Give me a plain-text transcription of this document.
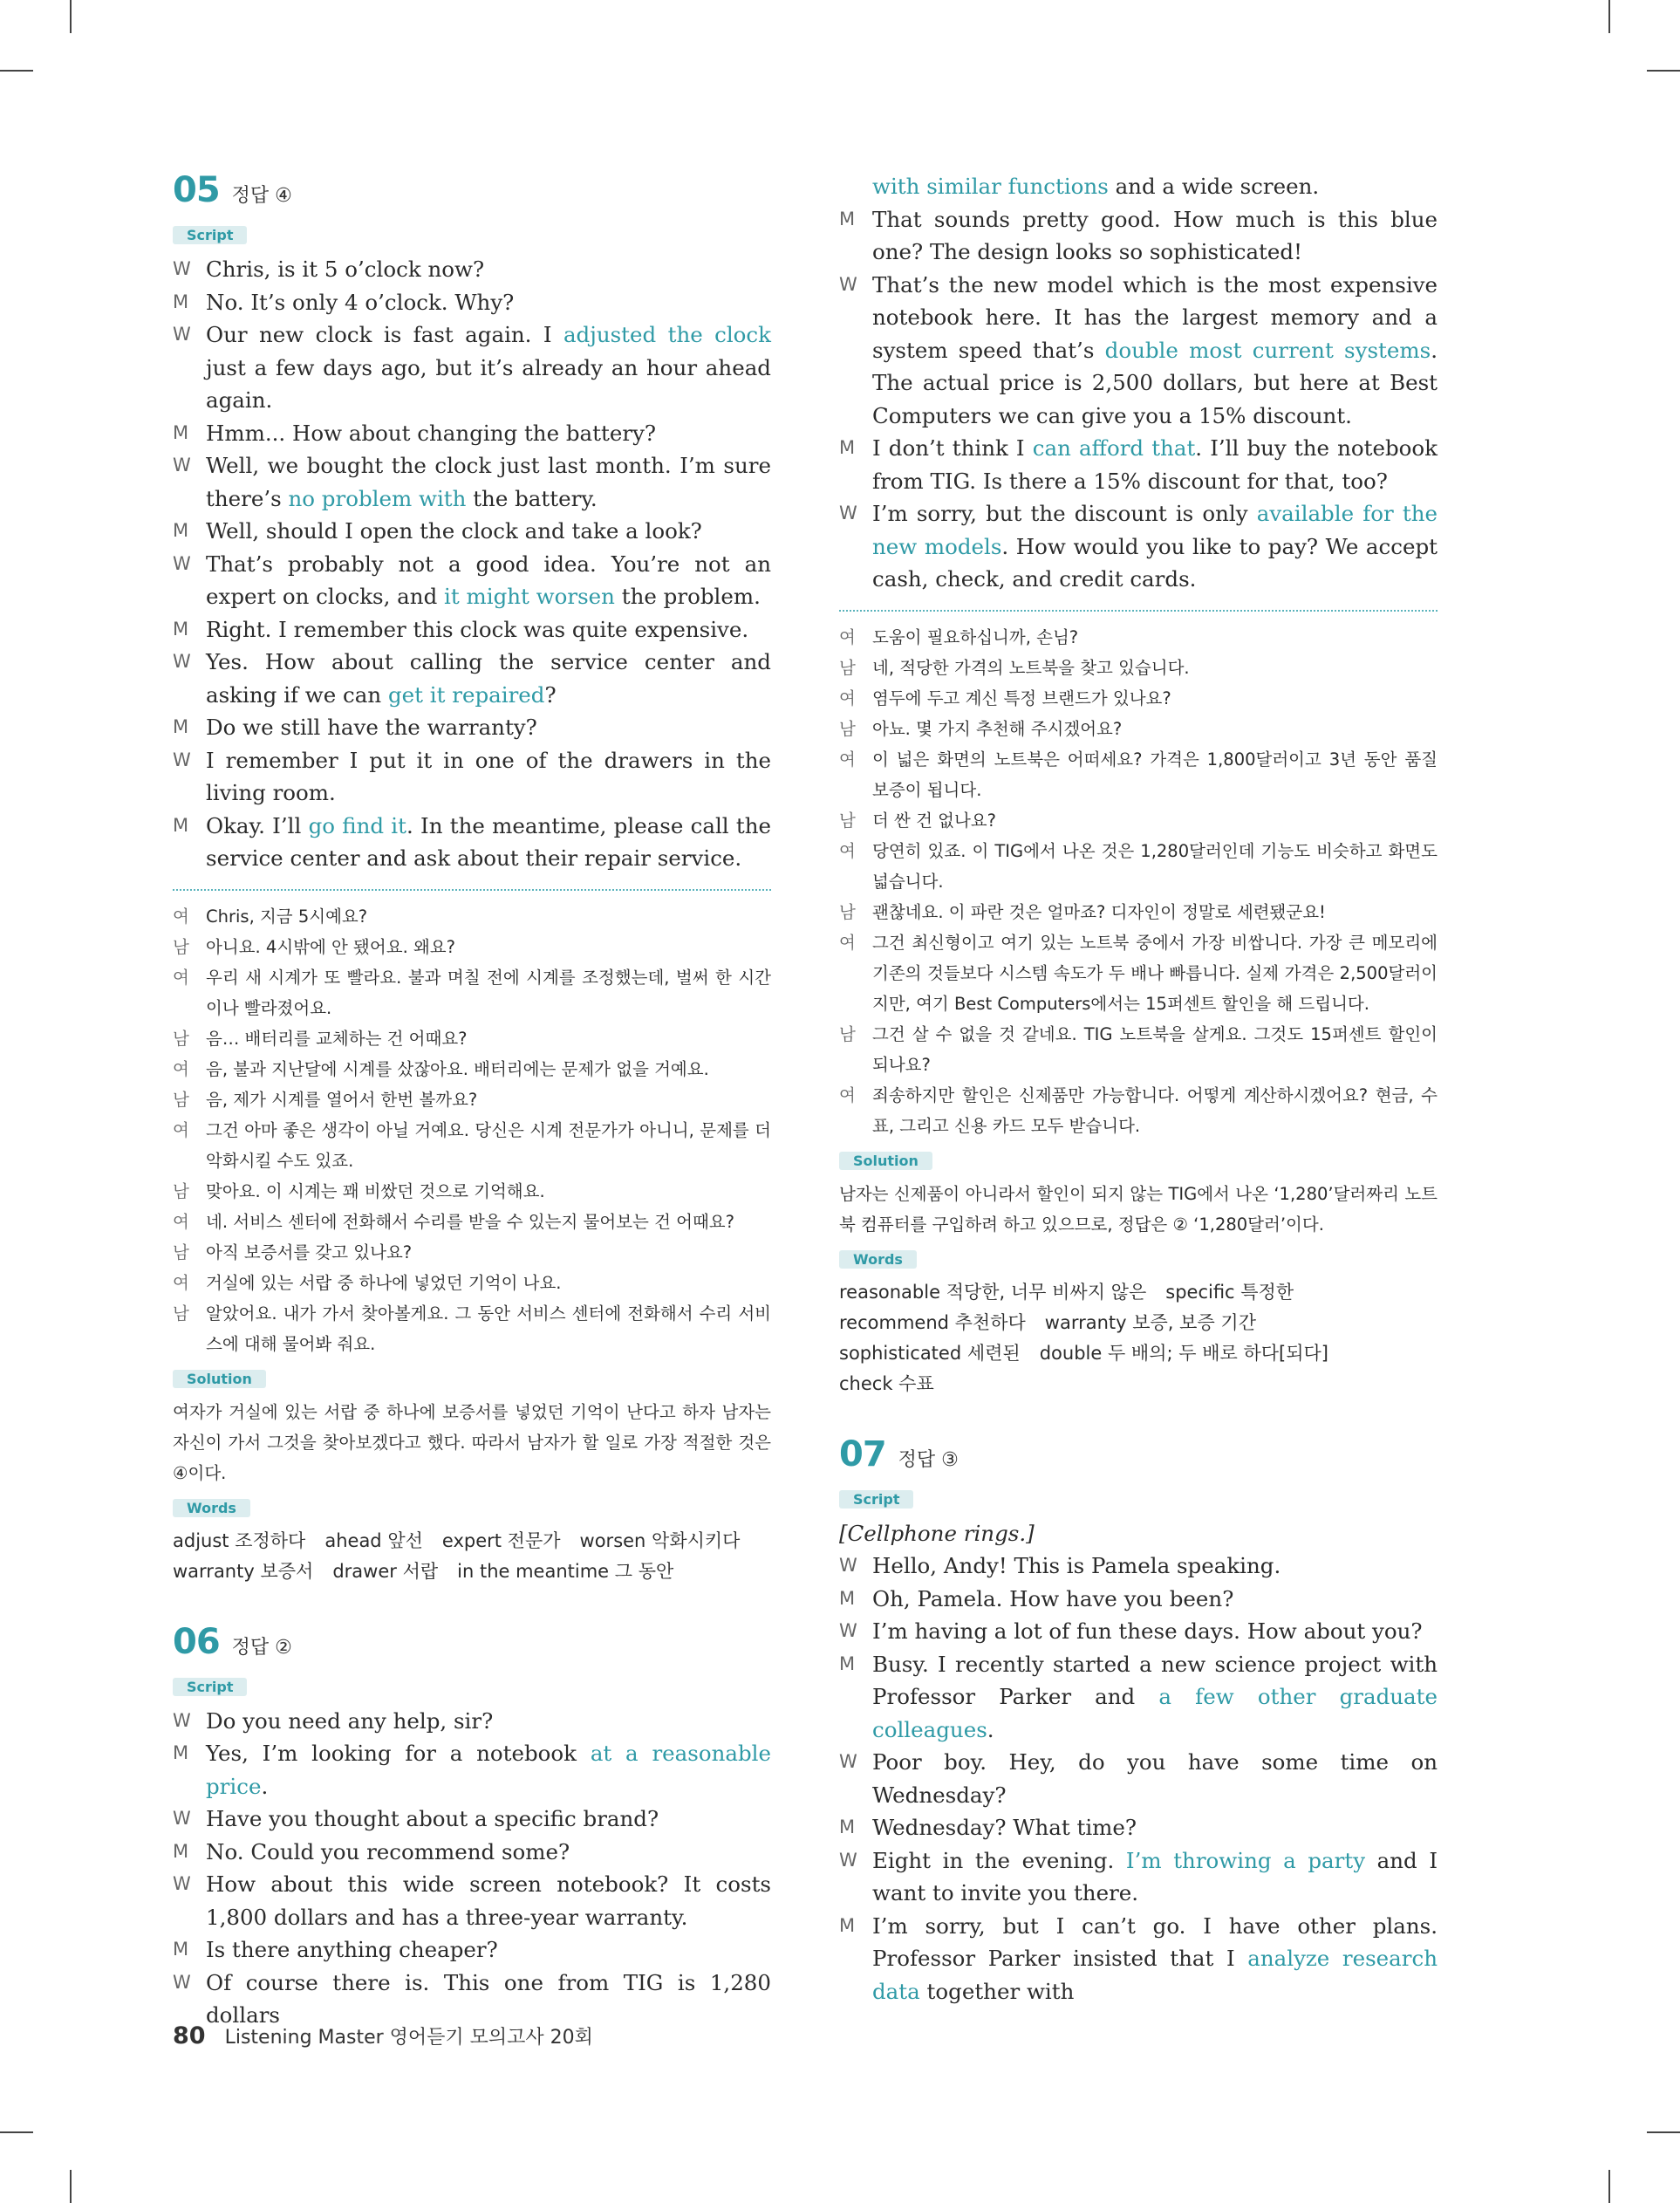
05 정답 ④
Script
W Chris, is it 5 o’clock now?
M No. It’s only 4 o’clock. Why?
W Our new clock is fast again. I adjusted the clock just a few days ago, but it’s already an hour ahead again.
M Hmm... How about changing the battery?
W Well, we bought the clock just last month. I’m sure there’s no problem with the battery.
M Well, should I open the clock and take a look?
W That’s probably not a good idea. You’re not an expert on clocks, and it might worsen the problem.
M Right. I remember this clock was quite expensive.
W Yes. How about calling the service center and asking if we can get it repaired?
M Do we still have the warranty?
W I remember I put it in one of the drawers in the living room.
M Okay. I’ll go find it. In the meantime, please call the service center and ask about their repair service.
여 Chris, 지금 5시예요?
남 아니요. 4시밖에 안 됐어요. 왜요?
여 우리 새 시계가 또 빨라요. 불과 며칠 전에 시계를 조정했는데, 벌써 한 시간이나 빨라졌어요.
남 음… 배터리를 교체하는 건 어때요?
여 음, 불과 지난달에 시계를 샀잖아요. 배터리에는 문제가 없을 거예요.
남 음, 제가 시계를 열어서 한번 볼까요?
여 그건 아마 좋은 생각이 아닐 거예요. 당신은 시계 전문가가 아니니, 문제를 더 악화시킬 수도 있죠.
남 맞아요. 이 시계는 꽤 비쌌던 것으로 기억해요.
여 네. 서비스 센터에 전화해서 수리를 받을 수 있는지 물어보는 건 어때요?
남 아직 보증서를 갖고 있나요?
여 거실에 있는 서랍 중 하나에 넣었던 기억이 나요.
남 알았어요. 내가 가서 찾아볼게요. 그 동안 서비스 센터에 전화해서 수리 서비스에 대해 물어봐 줘요.
Solution
여자가 거실에 있는 서랍 중 하나에 보증서를 넣었던 기억이 난다고 하자 남자는 자신이 가서 그것을 찾아보겠다고 했다. 따라서 남자가 할 일로 가장 적절한 것은 ④이다.
Words
adjust 조정하다 ahead 앞선 expert 전문가 worsen 악화시키다
warranty 보증서 drawer 서랍 in the meantime 그 동안
06 정답 ②
Script
W Do you need any help, sir?
M Yes, I’m looking for a notebook at a reasonable price.
W Have you thought about a specific brand?
M No. Could you recommend some?
W How about this wide screen notebook? It costs 1,800 dollars and has a three-year warranty.
M Is there anything cheaper?
W Of course there is. This one from TIG is 1,280 dollars
with similar functions and a wide screen.
M That sounds pretty good. How much is this blue one? The design looks so sophisticated!
W That’s the new model which is the most expensive notebook here. It has the largest memory and a system speed that’s double most current systems. The actual price is 2,500 dollars, but here at Best Computers we can give you a 15% discount.
M I don’t think I can afford that. I’ll buy the notebook from TIG. Is there a 15% discount for that, too?
W I’m sorry, but the discount is only available for the new models. How would you like to pay? We accept cash, check, and credit cards.
여 도움이 필요하십니까, 손님?
남 네, 적당한 가격의 노트북을 찾고 있습니다.
여 염두에 두고 계신 특정 브랜드가 있나요?
남 아뇨. 몇 가지 추천해 주시겠어요?
여 이 넓은 화면의 노트북은 어떠세요? 가격은 1,800달러이고 3년 동안 품질 보증이 됩니다.
남 더 싼 건 없나요?
여 당연히 있죠. 이 TIG에서 나온 것은 1,280달러인데 기능도 비슷하고 화면도 넓습니다.
남 괜찮네요. 이 파란 것은 얼마죠? 디자인이 정말로 세련됐군요!
여 그건 최신형이고 여기 있는 노트북 중에서 가장 비쌉니다. 가장 큰 메모리에 기존의 것들보다 시스템 속도가 두 배나 빠릅니다. 실제 가격은 2,500달러이지만, 여기 Best Computers에서는 15퍼센트 할인을 해 드립니다.
남 그건 살 수 없을 것 같네요. TIG 노트북을 살게요. 그것도 15퍼센트 할인이 되나요?
여 죄송하지만 할인은 신제품만 가능합니다. 어떻게 계산하시겠어요? 현금, 수표, 그리고 신용 카드 모두 받습니다.
Solution
남자는 신제품이 아니라서 할인이 되지 않는 TIG에서 나온 ‘1,280’달러짜리 노트북 컴퓨터를 구입하려 하고 있으므로, 정답은 ② ‘1,280달러’이다.
Words
reasonable 적당한, 너무 비싸지 않은 specific 특정한
recommend 추천하다 warranty 보증, 보증 기간
sophisticated 세련된 double 두 배의; 두 배로 하다[되다]
check 수표
07 정답 ③
Script
[Cellphone rings.]
W Hello, Andy! This is Pamela speaking.
M Oh, Pamela. How have you been?
W I’m having a lot of fun these days. How about you?
M Busy. I recently started a new science project with Professor Parker and a few other graduate colleagues.
W Poor boy. Hey, do you have some time on Wednesday?
M Wednesday? What time?
W Eight in the evening. I’m throwing a party and I want to invite you there.
M I’m sorry, but I can’t go. I have other plans. Professor Parker insisted that I analyze research data together with
80 Listening Master 영어듣기 모의고사 20회
